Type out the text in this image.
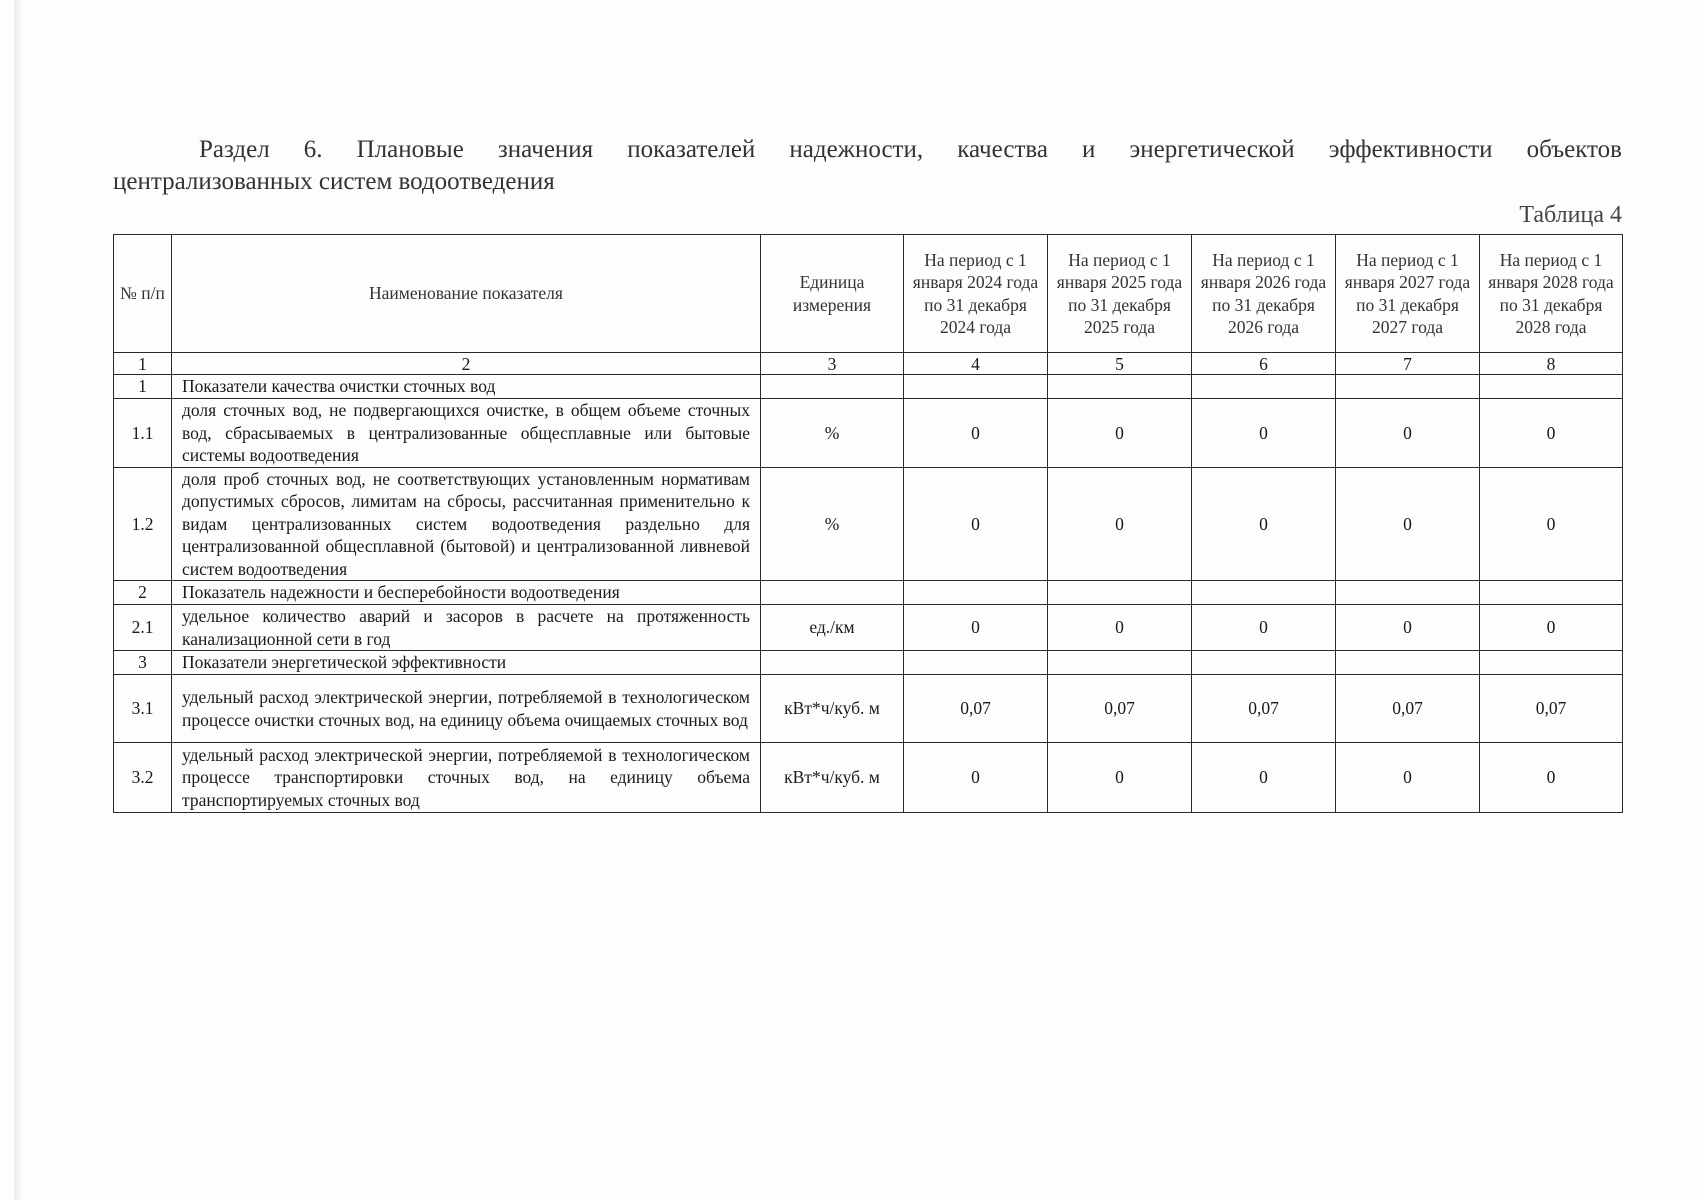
Раздел 6. Плановые значения показателей надежности, качества и энергетической эффективности объектов
централизованных систем водоотведения
Таблица 4
№ п/п	Наименование показателя	Единица измерения	На период с 1 января 2024 года по 31 декабря 2024 года	На период с 1 января 2025 года по 31 декабря 2025 года	На период с 1 января 2026 года по 31 декабря 2026 года	На период с 1 января 2027 года по 31 декабря 2027 года	На период с 1 января 2028 года по 31 декабря 2028 года
1	2	3	4	5	6	7	8
1	Показатели качества очистки сточных вод						
1.1	доля сточных вод, не подвергающихся очистке, в общем объеме сточных вод, сбрасываемых в централизованные общесплавные или бытовые системы водоотведения	%	0	0	0	0	0
1.2	доля проб сточных вод, не соответствующих установленным нормативам допустимых сбросов, лимитам на сбросы, рассчитанная применительно к видам централизованных систем водоотведения раздельно для централизованной общесплавной (бытовой) и централизованной ливневой систем водоотведения	%	0	0	0	0	0
2	Показатель надежности и бесперебойности водоотведения						
2.1	удельное количество аварий и засоров в расчете на протяженность канализационной сети в год	ед./км	0	0	0	0	0
3	Показатели энергетической эффективности						
3.1	удельный расход электрической энергии, потребляемой в технологическом процессе очистки сточных вод, на единицу объема очищаемых сточных вод	кВт*ч/куб. м	0,07	0,07	0,07	0,07	0,07
3.2	удельный расход электрической энергии, потребляемой в технологическом процессе транспортировки сточных вод, на единицу объема транспортируемых сточных вод	кВт*ч/куб. м	0	0	0	0	0
